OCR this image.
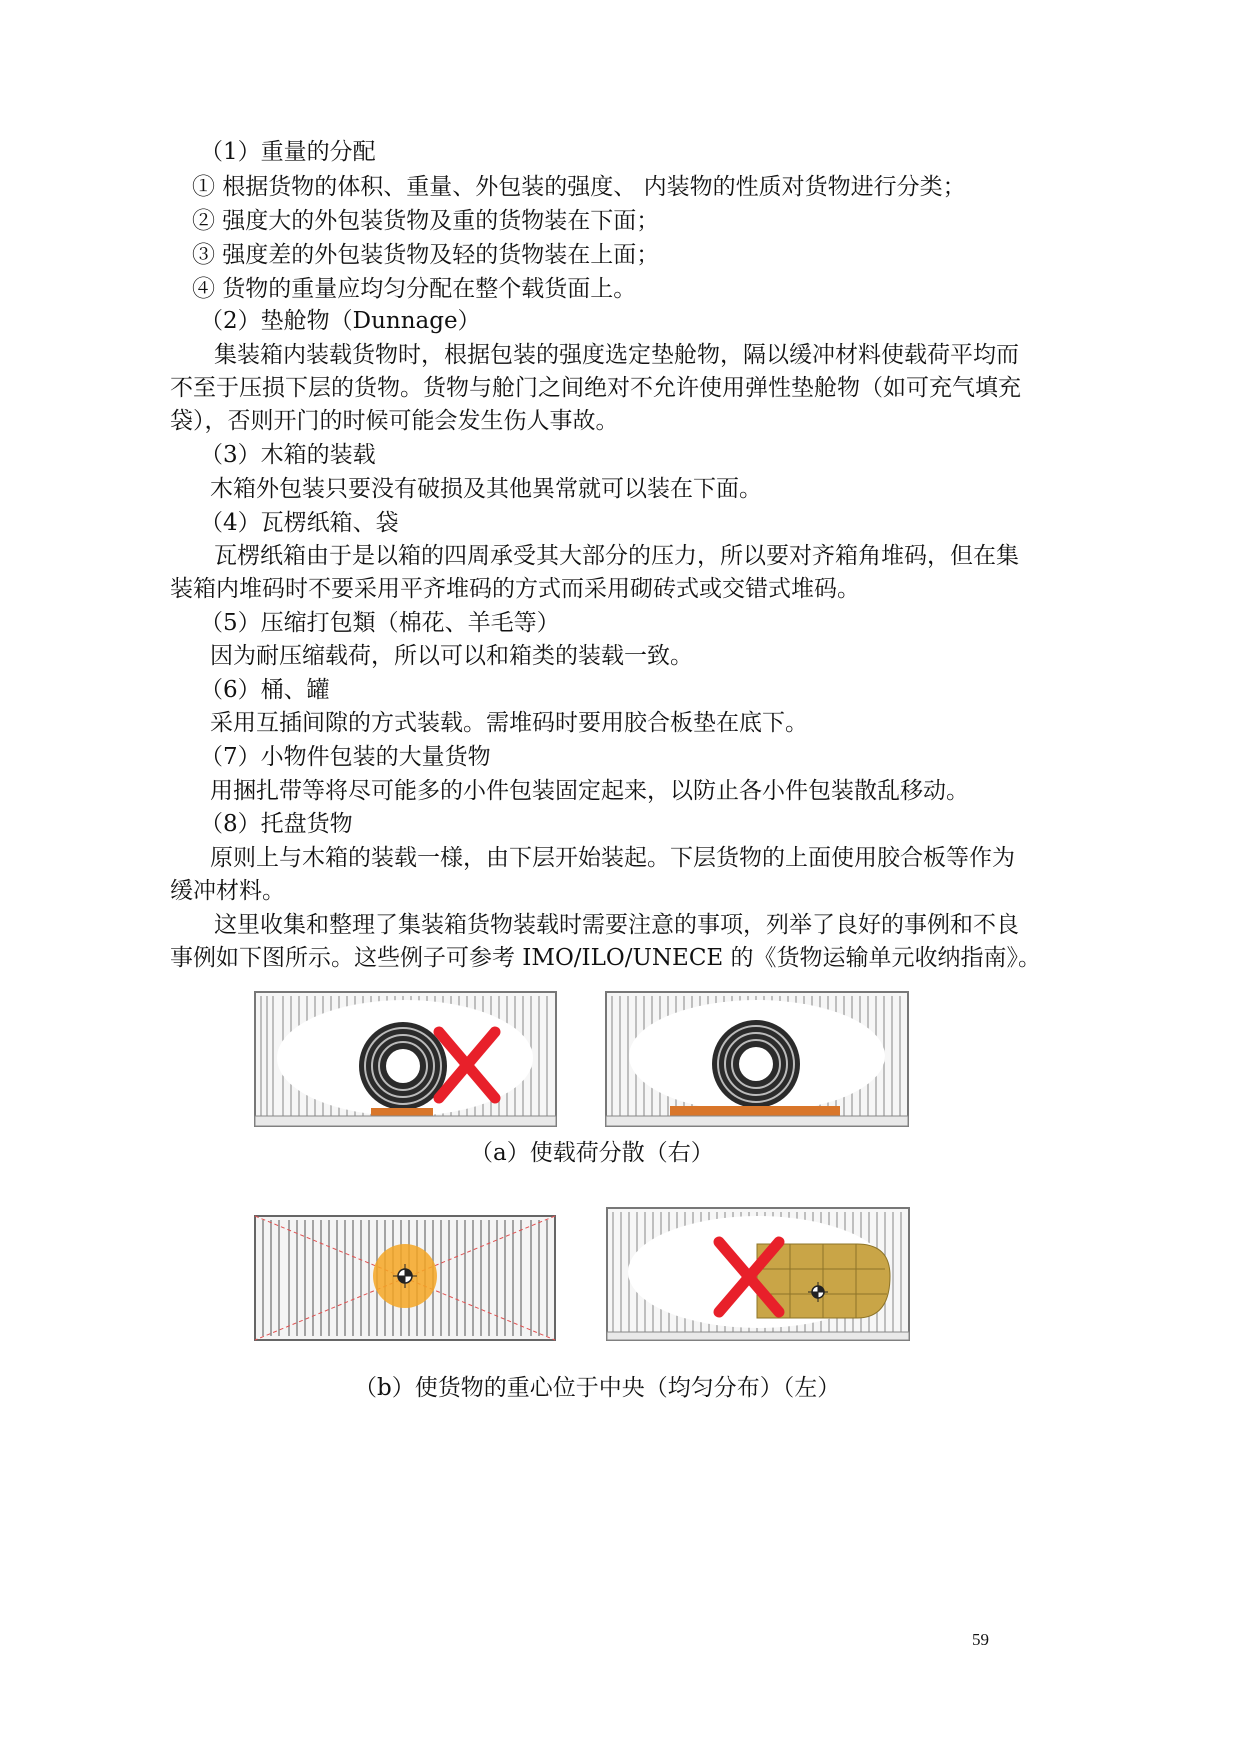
（1）重量的分配
① 根据货物的体积、重量、外包装的强度、 内装物的性质对货物进行分类；
② 强度大的外包装货物及重的货物装在下面；
③ 强度差的外包装货物及轻的货物装在上面；
④ 货物的重量应均匀分配在整个载货面上。
（2）垫舱物（Dunnage）
集装箱内装载货物时，根据包装的强度选定垫舱物，隔以缓冲材料使载荷平均而
不至于压损下层的货物。货物与舱门之间绝对不允许使用弹性垫舱物（如可充气填充
袋），否则开门的时候可能会发生伤人事故。
（3）木箱的装载
木箱外包装只要没有破损及其他異常就可以装在下面。
（4）瓦楞纸箱、袋
瓦楞纸箱由于是以箱的四周承受其大部分的压力，所以要对齐箱角堆码，但在集
装箱内堆码时不要采用平齐堆码的方式而采用砌砖式或交错式堆码。
（5）压缩打包類（棉花、羊毛等）
因为耐压缩载荷，所以可以和箱类的装载一致。
（6）桶、罐
采用互插间隙的方式装载。需堆码时要用胶合板垫在底下。
（7）小物件包装的大量货物
用捆扎带等将尽可能多的小件包装固定起来，以防止各小件包装散乱移动。
（8）托盘货物
原则上与木箱的装载一様，由下层开始装起。下层货物的上面使用胶合板等作为
缓冲材料。
这里收集和整理了集装箱货物装载时需要注意的事项，列举了良好的事例和不良
事例如下图所示。这些例子可参考 IMO/ILO/UNECE 的《货物运输单元收纳指南》。
（a）使载荷分散（右）
（b）使货物的重心位于中央（均匀分布）（左）
59
